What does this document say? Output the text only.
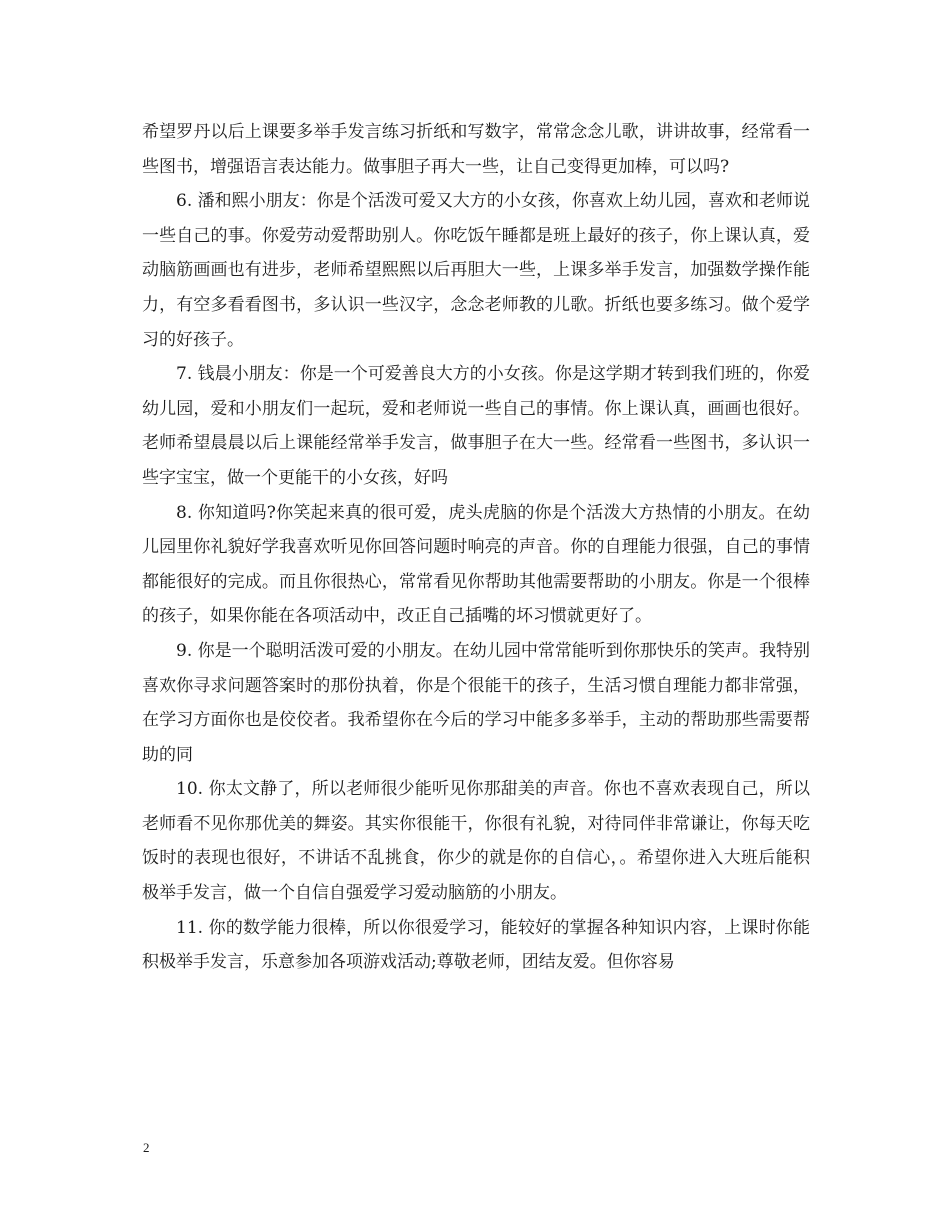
希望罗丹以后上课要多举手发言练习折纸和写数字，常常念念儿歌，讲讲故事，经常看一些图书，增强语言表达能力。做事胆子再大一些，让自己变得更加棒，可以吗?

6. 潘和熙小朋友：你是个活泼可爱又大方的小女孩，你喜欢上幼儿园，喜欢和老师说一些自己的事。你爱劳动爱帮助别人。你吃饭午睡都是班上最好的孩子，你上课认真，爱动脑筋画画也有进步，老师希望熙熙以后再胆大一些，上课多举手发言，加强数学操作能力，有空多看看图书，多认识一些汉字，念念老师教的儿歌。折纸也要多练习。做个爱学习的好孩子。

7. 钱晨小朋友：你是一个可爱善良大方的小女孩。你是这学期才转到我们班的，你爱幼儿园，爱和小朋友们一起玩，爱和老师说一些自己的事情。你上课认真，画画也很好。老师希望晨晨以后上课能经常举手发言，做事胆子在大一些。经常看一些图书，多认识一些字宝宝，做一个更能干的小女孩，好吗

8. 你知道吗?你笑起来真的很可爱，虎头虎脑的你是个活泼大方热情的小朋友。在幼儿园里你礼貌好学我喜欢听见你回答问题时响亮的声音。你的自理能力很强，自己的事情都能很好的完成。而且你很热心，常常看见你帮助其他需要帮助的小朋友。你是一个很棒的孩子，如果你能在各项活动中，改正自己插嘴的坏习惯就更好了。

9. 你是一个聪明活泼可爱的小朋友。在幼儿园中常常能听到你那快乐的笑声。我特别喜欢你寻求问题答案时的那份执着，你是个很能干的孩子，生活习惯自理能力都非常强，在学习方面你也是佼佼者。我希望你在今后的学习中能多多举手，主动的帮助那些需要帮助的同

10. 你太文静了，所以老师很少能听见你那甜美的声音。你也不喜欢表现自己，所以老师看不见你那优美的舞姿。其实你很能干，你很有礼貌，对待同伴非常谦让，你每天吃饭时的表现也很好，不讲话不乱挑食，你少的就是你的自信心，。希望你进入大班后能积极举手发言，做一个自信自强爱学习爱动脑筋的小朋友。

11. 你的数学能力很棒，所以你很爱学习，能较好的掌握各种知识内容，上课时你能积极举手发言，乐意参加各项游戏活动;尊敬老师，团结友爱。但你容易

2
